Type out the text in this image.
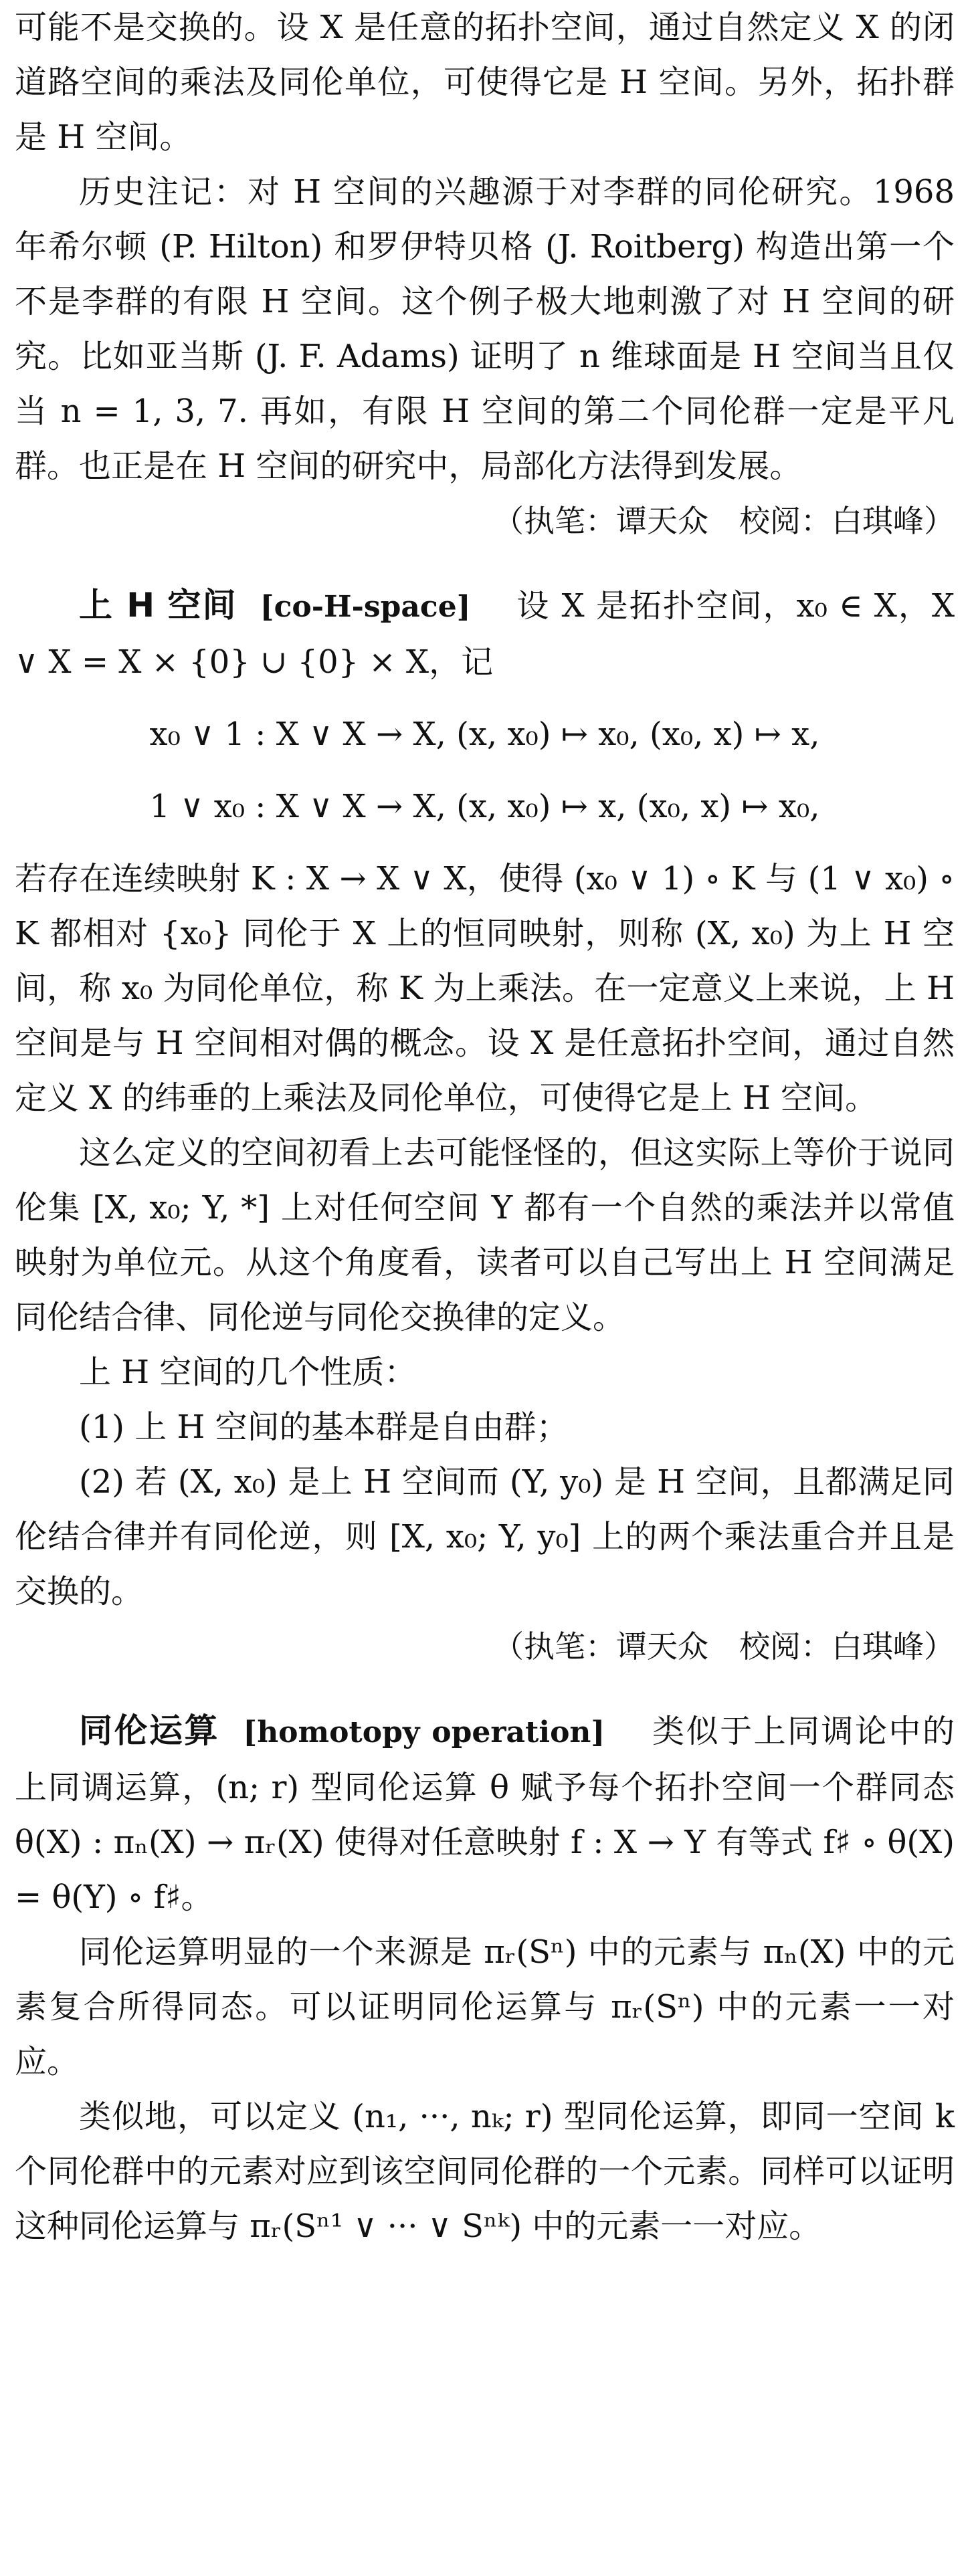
可能不是交换的。设 X 是任意的拓扑空间，通过自然定义 X 的闭道路空间的乘法及同伦单位，可使得它是 H 空间。另外，拓扑群是 H 空间。

历史注记：对 H 空间的兴趣源于对李群的同伦研究。1968 年希尔顿 (P. Hilton) 和罗伊特贝格 (J. Roitberg) 构造出第一个不是李群的有限 H 空间。这个例子极大地刺激了对 H 空间的研究。比如亚当斯 (J. F. Adams) 证明了 n 维球面是 H 空间当且仅当 n = 1, 3, 7. 再如，有限 H 空间的第二个同伦群一定是平凡群。也正是在 H 空间的研究中，局部化方法得到发展。

（执笔：谭天众　校阅：白琪峰）

上 H 空间 [co-H-space] 设 X 是拓扑空间，x₀ ∈ X，X ∨ X = X × {0} ∪ {0} × X，记

x₀ ∨ 1 : X ∨ X → X, (x, x₀) ↦ x₀, (x₀, x) ↦ x,

1 ∨ x₀ : X ∨ X → X, (x, x₀) ↦ x, (x₀, x) ↦ x₀,

若存在连续映射 K : X → X ∨ X，使得 (x₀ ∨ 1) ∘ K 与 (1 ∨ x₀) ∘ K 都相对 {x₀} 同伦于 X 上的恒同映射，则称 (X, x₀) 为上 H 空间，称 x₀ 为同伦单位，称 K 为上乘法。在一定意义上来说，上 H 空间是与 H 空间相对偶的概念。设 X 是任意拓扑空间，通过自然定义 X 的纬垂的上乘法及同伦单位，可使得它是上 H 空间。

这么定义的空间初看上去可能怪怪的，但这实际上等价于说同伦集 [X, x₀; Y, *] 上对任何空间 Y 都有一个自然的乘法并以常值映射为单位元。从这个角度看，读者可以自己写出上 H 空间满足同伦结合律、同伦逆与同伦交换律的定义。

上 H 空间的几个性质：

(1) 上 H 空间的基本群是自由群；

(2) 若 (X, x₀) 是上 H 空间而 (Y, y₀) 是 H 空间，且都满足同伦结合律并有同伦逆，则 [X, x₀; Y, y₀] 上的两个乘法重合并且是交换的。

（执笔：谭天众　校阅：白琪峰）

同伦运算 [homotopy operation] 类似于上同调论中的上同调运算，(n; r) 型同伦运算 θ 赋予每个拓扑空间一个群同态 θ(X) : πₙ(X) → πᵣ(X) 使得对任意映射 f : X → Y 有等式 f♯ ∘ θ(X) = θ(Y) ∘ f♯。

同伦运算明显的一个来源是 πᵣ(Sⁿ) 中的元素与 πₙ(X) 中的元素复合所得同态。可以证明同伦运算与 πᵣ(Sⁿ) 中的元素一一对应。

类似地，可以定义 (n₁, ···, nₖ; r) 型同伦运算，即同一空间 k 个同伦群中的元素对应到该空间同伦群的一个元素。同样可以证明这种同伦运算与 πᵣ(Sⁿ¹ ∨ ··· ∨ Sⁿᵏ) 中的元素一一对应。
